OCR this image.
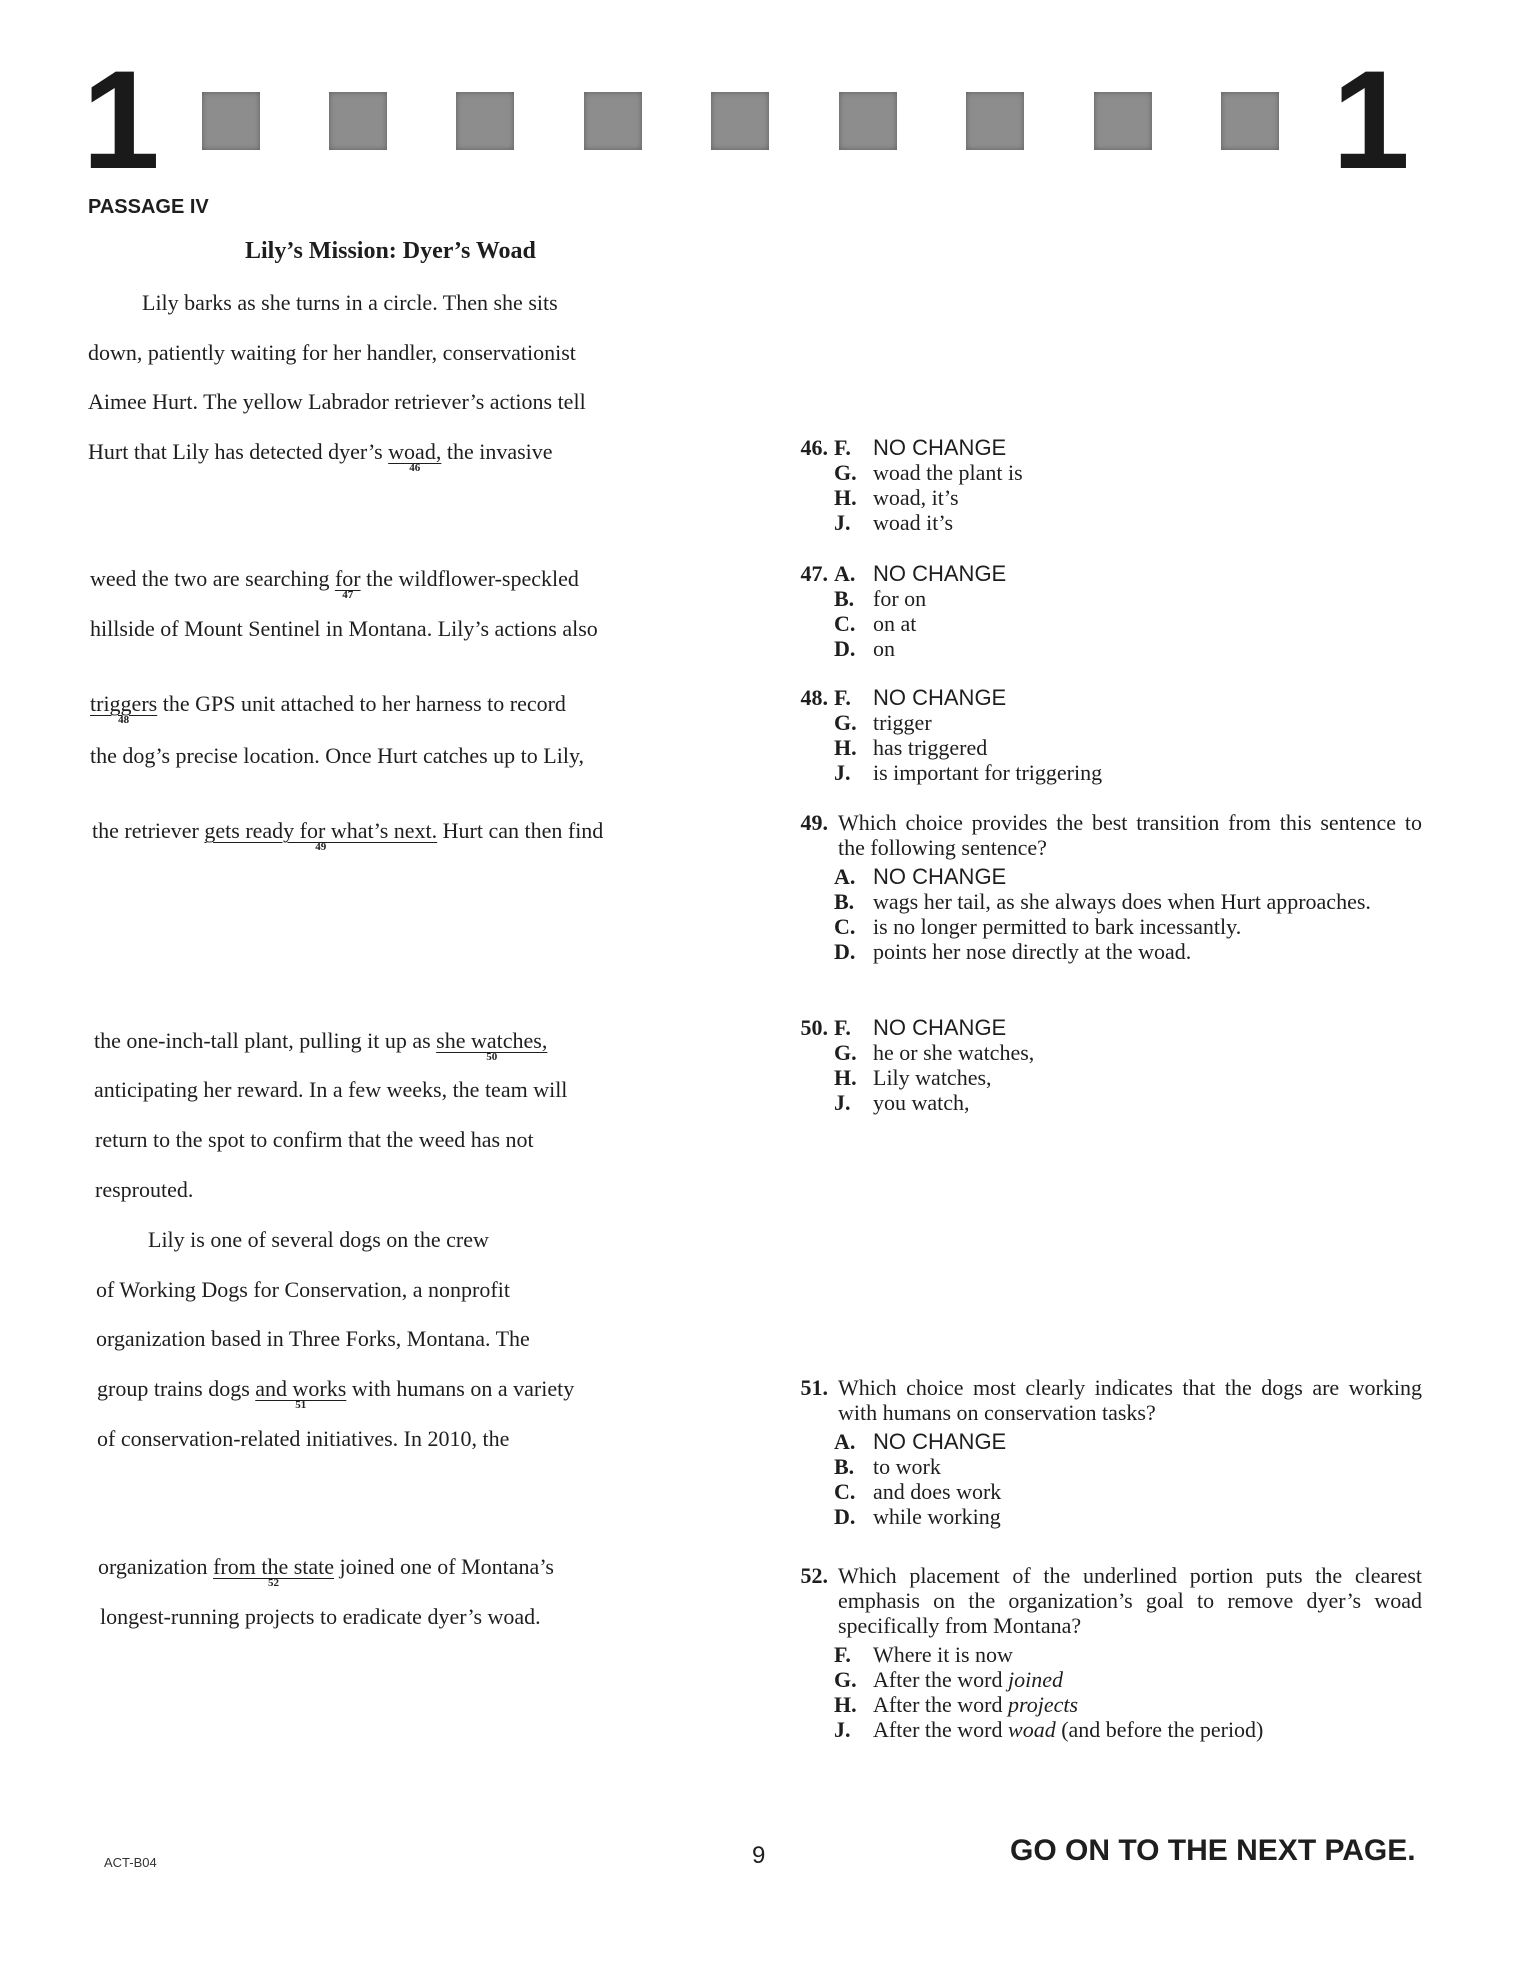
1	1
PASSAGE IV
Lily’s Mission: Dyer’s Woad
Lily barks as she turns in a circle. Then she sits
down, patiently waiting for her handler, conservationist
Aimee Hurt. The yellow Labrador retriever’s actions tell
Hurt that Lily has detected dyer’s woad,
46
the invasive
weed the two are searching for
47
the wildflower-speckled
hillside of Mount Sentinel in Montana. Lily’s actions also
triggers
48
the GPS unit attached to her harness to record
the dog’s precise location. Once Hurt catches up to Lily,
the retriever gets ready for what’s next.
49
Hurt can then find
the one-inch-tall plant, pulling it up as she watches,
50
anticipating her reward. In a few weeks, the team will
return to the spot to confirm that the weed has not
resprouted.
Lily is one of several dogs on the crew
of Working Dogs for Conservation, a nonprofit
organization based in Three Forks, Montana. The
group trains dogs and works
51
with humans on a variety
of conservation-related initiatives. In 2010, the
organization from the state
52
joined one of Montana’s
longest-running projects to eradicate dyer’s woad.
46. F.	NO CHANGE
G. woad the plant is
H. woad, it’s
J.	woad it’s
47. A. NO CHANGE
B. for on
C. on at
D. on
48. F.	NO CHANGE
G. trigger
H. has triggered
J.	is important for triggering
49. Which choice provides the best transition from this sentence to the following sentence?
A. NO CHANGE
B. wags her tail, as she always does when Hurt approaches.
C. is no longer permitted to bark incessantly.
D. points her nose directly at the woad.
50. F.	NO CHANGE
G. he or she watches,
H. Lily watches,
J.	you watch,
51. Which choice most clearly indicates that the dogs are working with humans on conservation tasks?
A. NO CHANGE
B. to work
C. and does work
D. while working
52. Which placement of the underlined portion puts the clearest emphasis on the organization’s goal to remove dyer’s woad specifically from Montana?
F.	Where it is now
G. After the word joined
H. After the word projects
J.	After the word woad (and before the period)
ACT-B04	9	GO ON TO THE NEXT PAGE.
